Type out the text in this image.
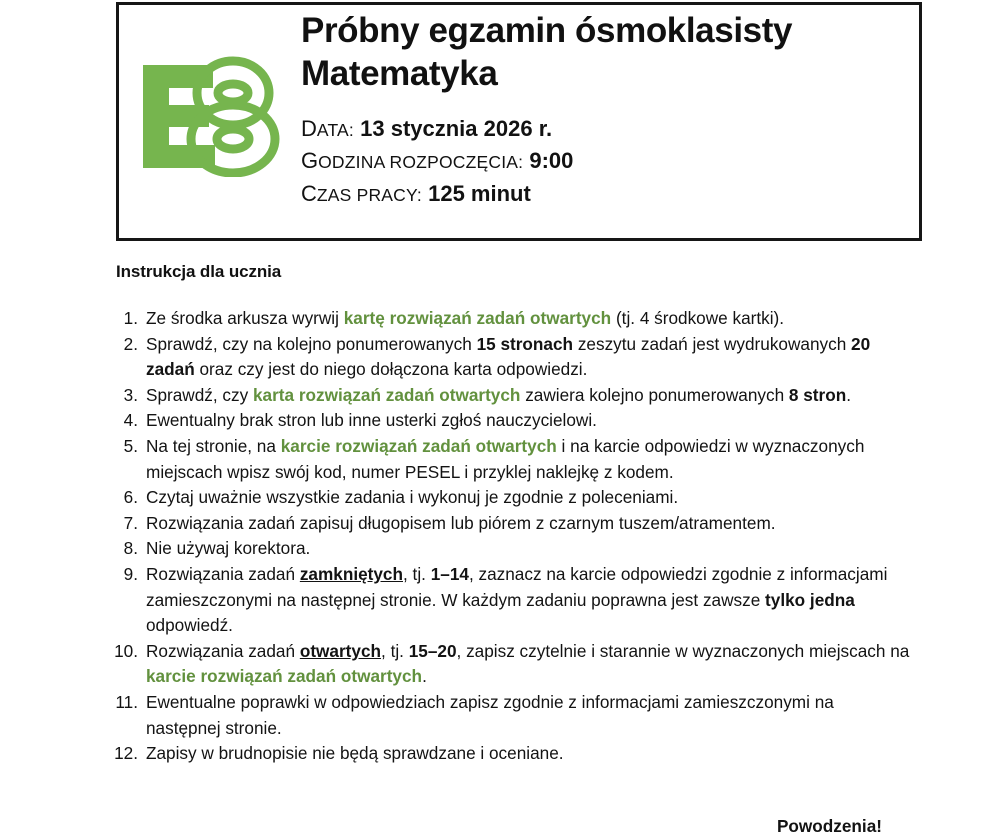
Próbny egzamin ósmoklasisty
Matematyka
DATA: 13 stycznia 2026 r.
GODZINA ROZPOCZĘCIA: 9:00
CZAS PRACY: 125 minut
Instrukcja dla ucznia
1. Ze środka arkusza wyrwij kartę rozwiązań zadań otwartych (tj. 4 środkowe kartki).
2. Sprawdź, czy na kolejno ponumerowanych 15 stronach zeszytu zadań jest wydrukowanych 20 zadań oraz czy jest do niego dołączona karta odpowiedzi.
3. Sprawdź, czy karta rozwiązań zadań otwartych zawiera kolejno ponumerowanych 8 stron.
4. Ewentualny brak stron lub inne usterki zgłoś nauczycielowi.
5. Na tej stronie, na karcie rozwiązań zadań otwartych i na karcie odpowiedzi w wyznaczonych miejscach wpisz swój kod, numer PESEL i przyklej naklejkę z kodem.
6. Czytaj uważnie wszystkie zadania i wykonuj je zgodnie z poleceniami.
7. Rozwiązania zadań zapisuj długopisem lub piórem z czarnym tuszem/atramentem.
8. Nie używaj korektora.
9. Rozwiązania zadań zamkniętych, tj. 1–14, zaznacz na karcie odpowiedzi zgodnie z informacjami zamieszczonymi na następnej stronie. W każdym zadaniu poprawna jest zawsze tylko jedna odpowiedź.
10. Rozwiązania zadań otwartych, tj. 15–20, zapisz czytelnie i starannie w wyznaczonych miejscach na karcie rozwiązań zadań otwartych.
11. Ewentualne poprawki w odpowiedziach zapisz zgodnie z informacjami zamieszczonymi na następnej stronie.
12. Zapisy w brudnopisie nie będą sprawdzane i oceniane.
Powodzenia!
